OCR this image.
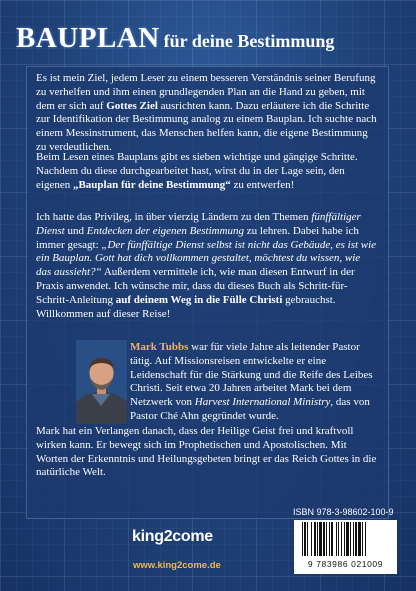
BAUPLAN für deine Bestimmung

Es ist mein Ziel, jedem Leser zu einem besseren Verständnis seiner Berufung zu verhelfen und ihm einen grundlegenden Plan an die Hand zu geben, mit dem er sich auf Gottes Ziel ausrichten kann. Dazu erläutere ich die Schritte zur Identifikation der Bestimmung analog zu einem Bauplan. Ich suchte nach einem Messinstrument, das Menschen helfen kann, die eigene Bestimmung zu verdeutlichen.

Beim Lesen eines Bauplans gibt es sieben wichtige und gängige Schritte. Nachdem du diese durchgearbeitet hast, wirst du in der Lage sein, den eigenen „Bauplan für deine Bestimmung“ zu entwerfen!

Ich hatte das Privileg, in über vierzig Ländern zu den Themen fünffältiger Dienst und Entdecken der eigenen Bestimmung zu lehren. Dabei habe ich immer gesagt: „Der fünffältige Dienst selbst ist nicht das Gebäude, es ist wie ein Bauplan. Gott hat dich vollkommen gestaltet, möchtest du wissen, wie das aussieht?“ Außerdem vermittele ich, wie man diesen Entwurf in der Praxis anwendet. Ich wünsche mir, dass du dieses Buch als Schritt-für-Schritt-Anleitung auf deinem Weg in die Fülle Christi gebrauchst. Willkommen auf dieser Reise!

Mark Tubbs war für viele Jahre als leitender Pastor tätig. Auf Missionsreisen entwickelte er eine Leidenschaft für die Stärkung und die Reife des Leibes Christi. Seit etwa 20 Jahren arbeitet Mark bei dem Netzwerk von Harvest International Ministry, das von Pastor Ché Ahn gegründet wurde.

Mark hat ein Verlangen danach, dass der Heilige Geist frei und kraftvoll wirken kann. Er bewegt sich im Prophetischen und Apostolischen. Mit Worten der Erkenntnis und Heilungsgebeten bringt er das Reich Gottes in die natürliche Welt.

king2come
www.king2come.de
ISBN 978-3-98602-100-9
9 783986 021009
